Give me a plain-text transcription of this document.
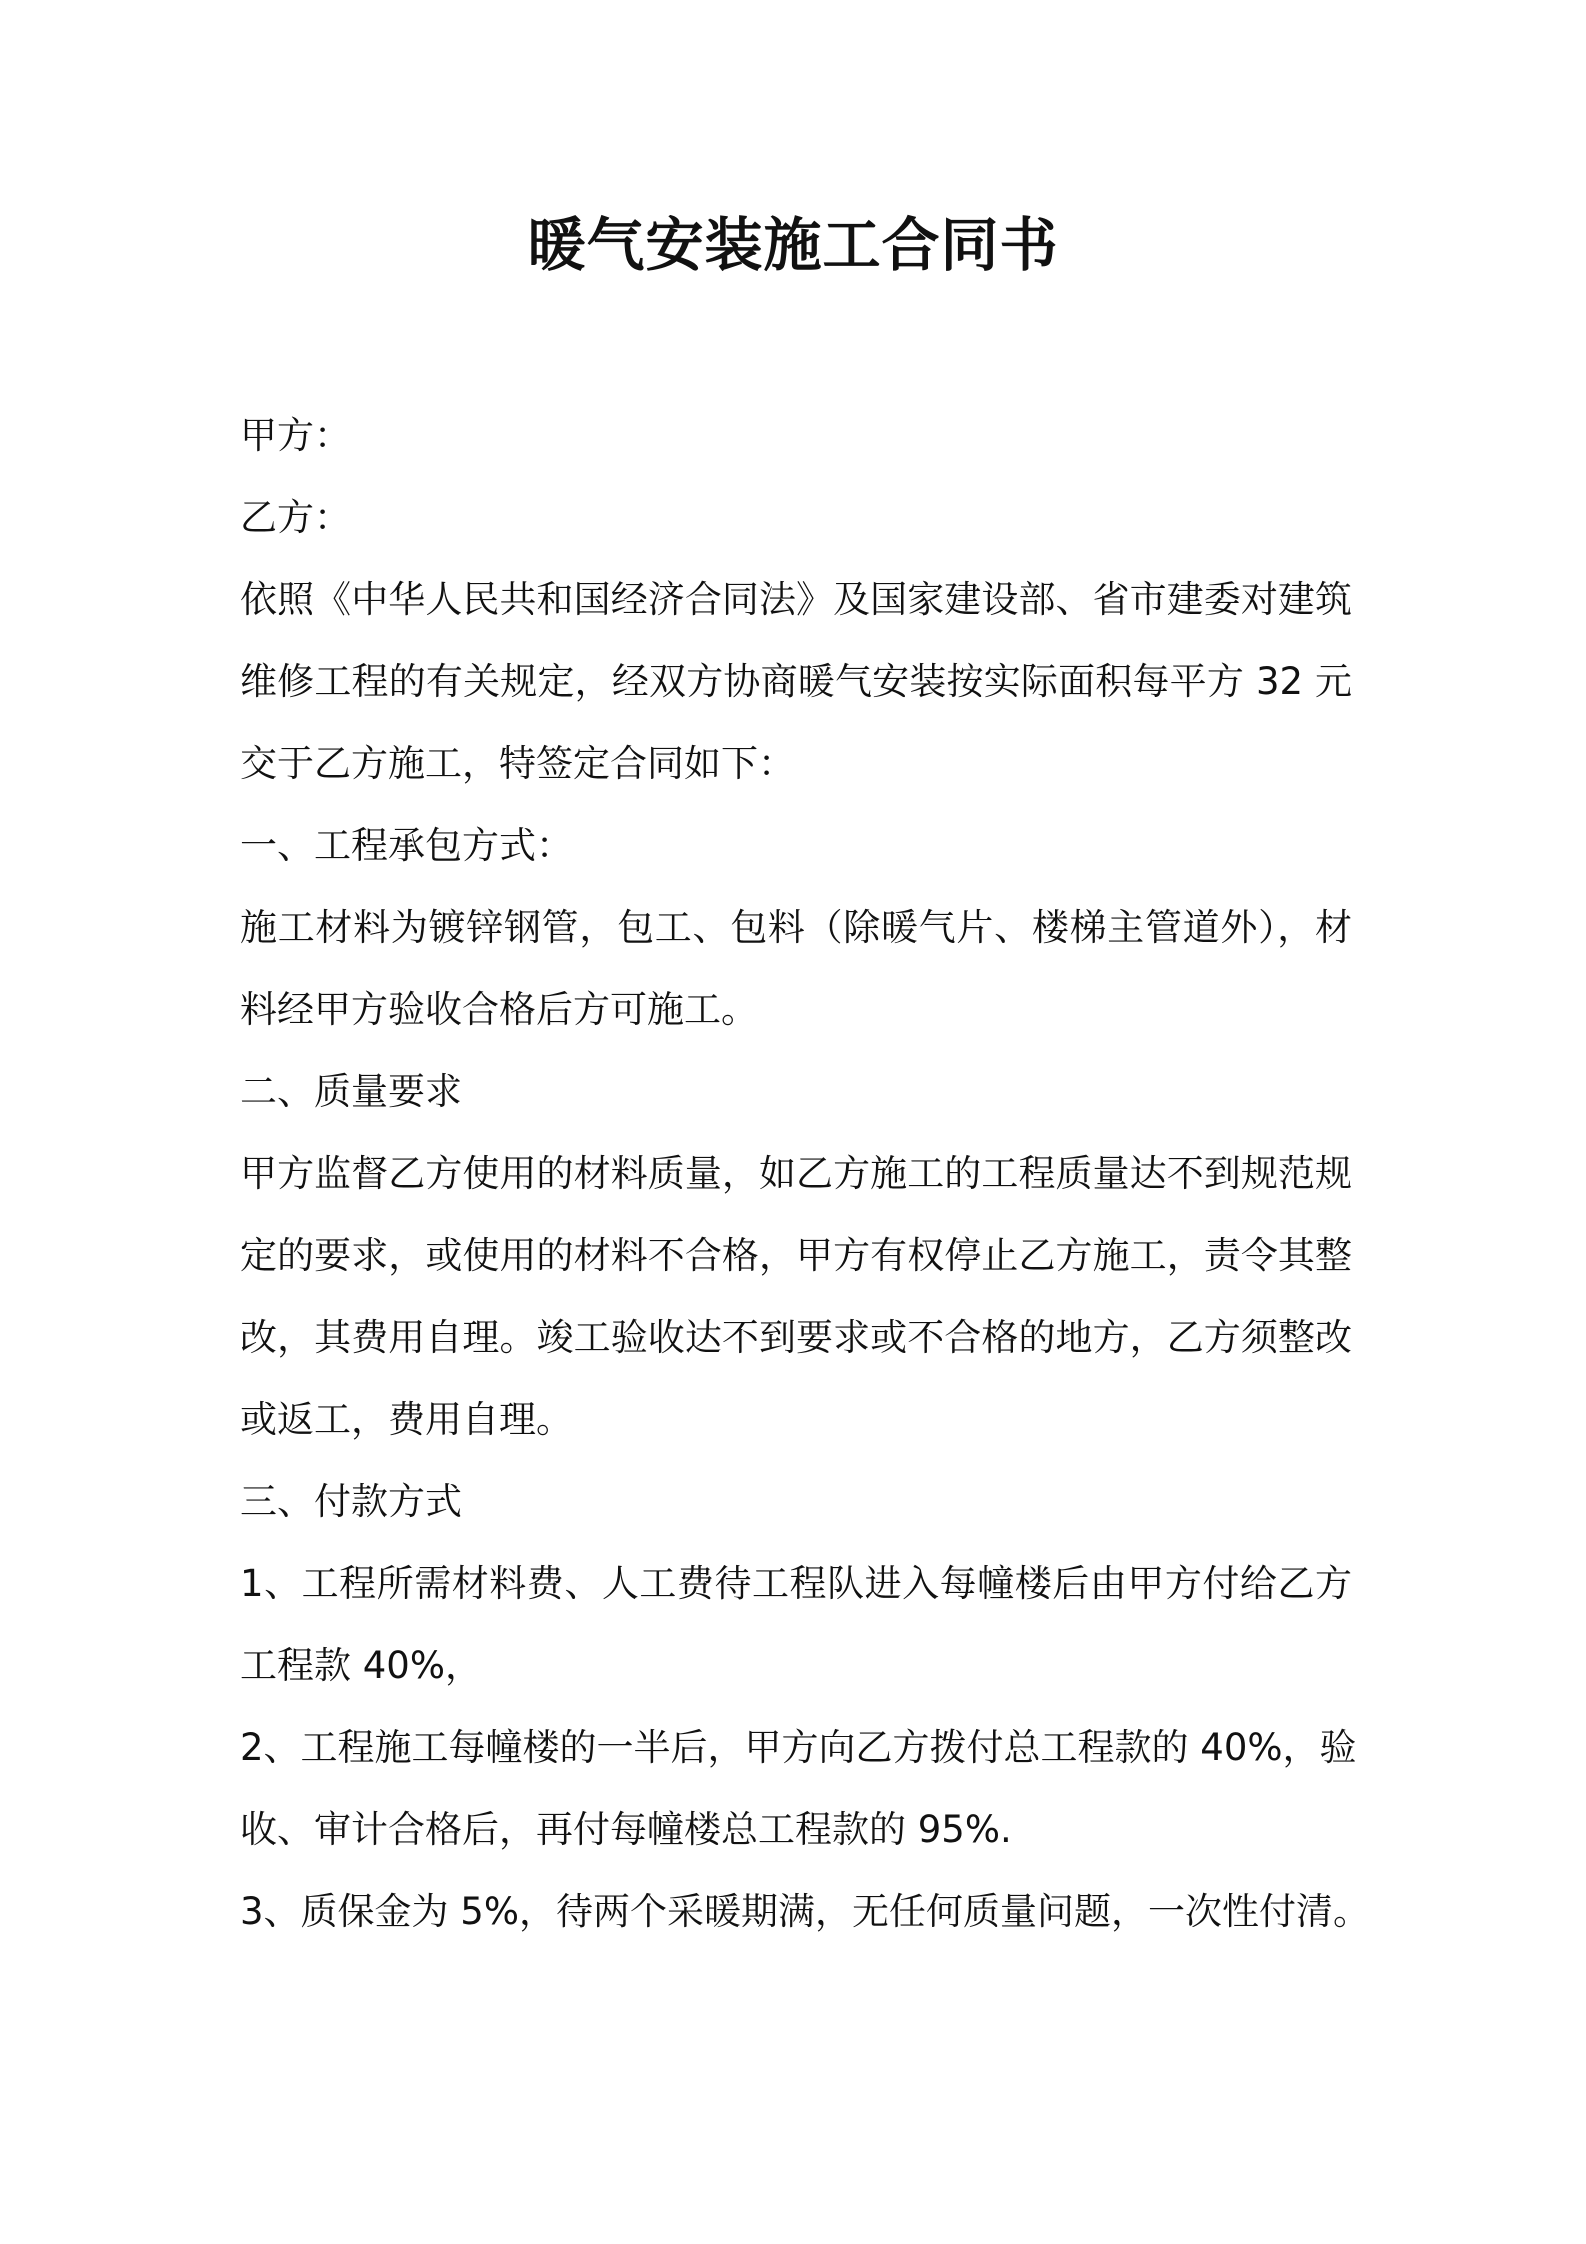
暖气安装施工合同书
甲方：
乙方：
依照《中华人民共和国经济合同法》及国家建设部、省市建委对建筑
维修工程的有关规定，经双方协商暖气安装按实际面积每平方 32 元
交于乙方施工，特签定合同如下：
一、工程承包方式：
施工材料为镀锌钢管，包工、包料（除暖气片、楼梯主管道外），材
料经甲方验收合格后方可施工。
二、质量要求
甲方监督乙方使用的材料质量，如乙方施工的工程质量达不到规范规
定的要求，或使用的材料不合格，甲方有权停止乙方施工，责令其整
改，其费用自理。竣工验收达不到要求或不合格的地方，乙方须整改
或返工，费用自理。
三、付款方式
1、工程所需材料费、人工费待工程队进入每幢楼后由甲方付给乙方
工程款 40%，
2、工程施工每幢楼的一半后，甲方向乙方拨付总工程款的 40%，验
收、审计合格后，再付每幢楼总工程款的 95%.
3、质保金为 5%，待两个采暖期满，无任何质量问题，一次性付清。
